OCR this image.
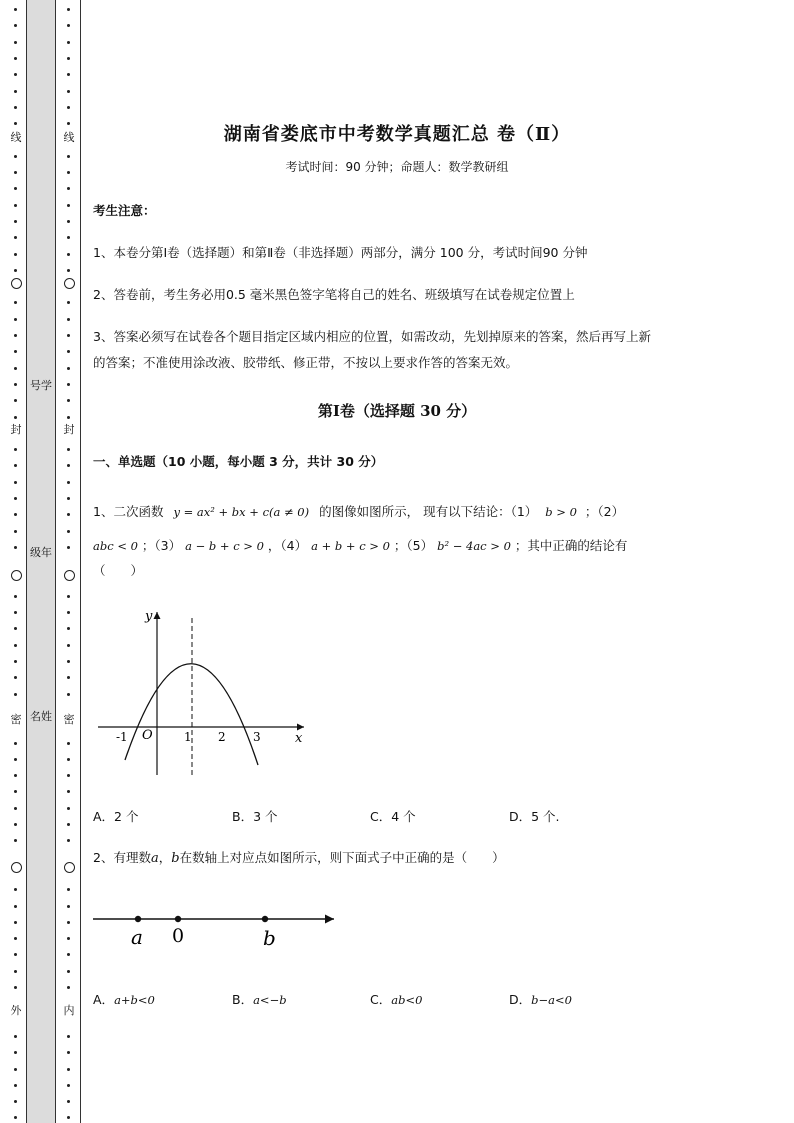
线
封
密
外
线
封
密
内
号学
级年
名姓
湖南省娄底市中考数学真题汇总 卷（Ⅱ）
考试时间：90 分钟；命题人：数学教研组
考生注意：
1、本卷分第Ⅰ卷（选择题）和第Ⅱ卷（非选择题）两部分，满分 100 分，考试时间90 分钟
2、答卷前，考生务必用0.5 毫米黑色签字笔将自己的姓名、班级填写在试卷规定位置上
3、答案必须写在试卷各个题目指定区域内相应的位置，如需改动，先划掉原来的答案，然后再写上新
的答案；不准使用涂改液、胶带纸、修正带，不按以上要求作答的答案无效。
第Ⅰ卷（选择题 30 分）
一、单选题（10 小题，每小题 3 分，共计 30 分）
1、二次函数 y = ax² + bx + c(a ≠ 0) 的图像如图所示， 现有以下结论：（1） b > 0 ；（2）
abc < 0 ；（3） a − b + c > 0 ，（4） a + b + c > 0 ；（5） b² − 4ac > 0 ；其中正确的结论有
（　　）
y
x
O
-1	1 2 3
A．2 个	B．3 个	C．4 个	D．5 个.
2、有理数a，b在数轴上对应点如图所示，则下面式子中正确的是（　　）
a 0	b
A．a+b<0	B．a<−b	C．ab<0	D．b−a<0
